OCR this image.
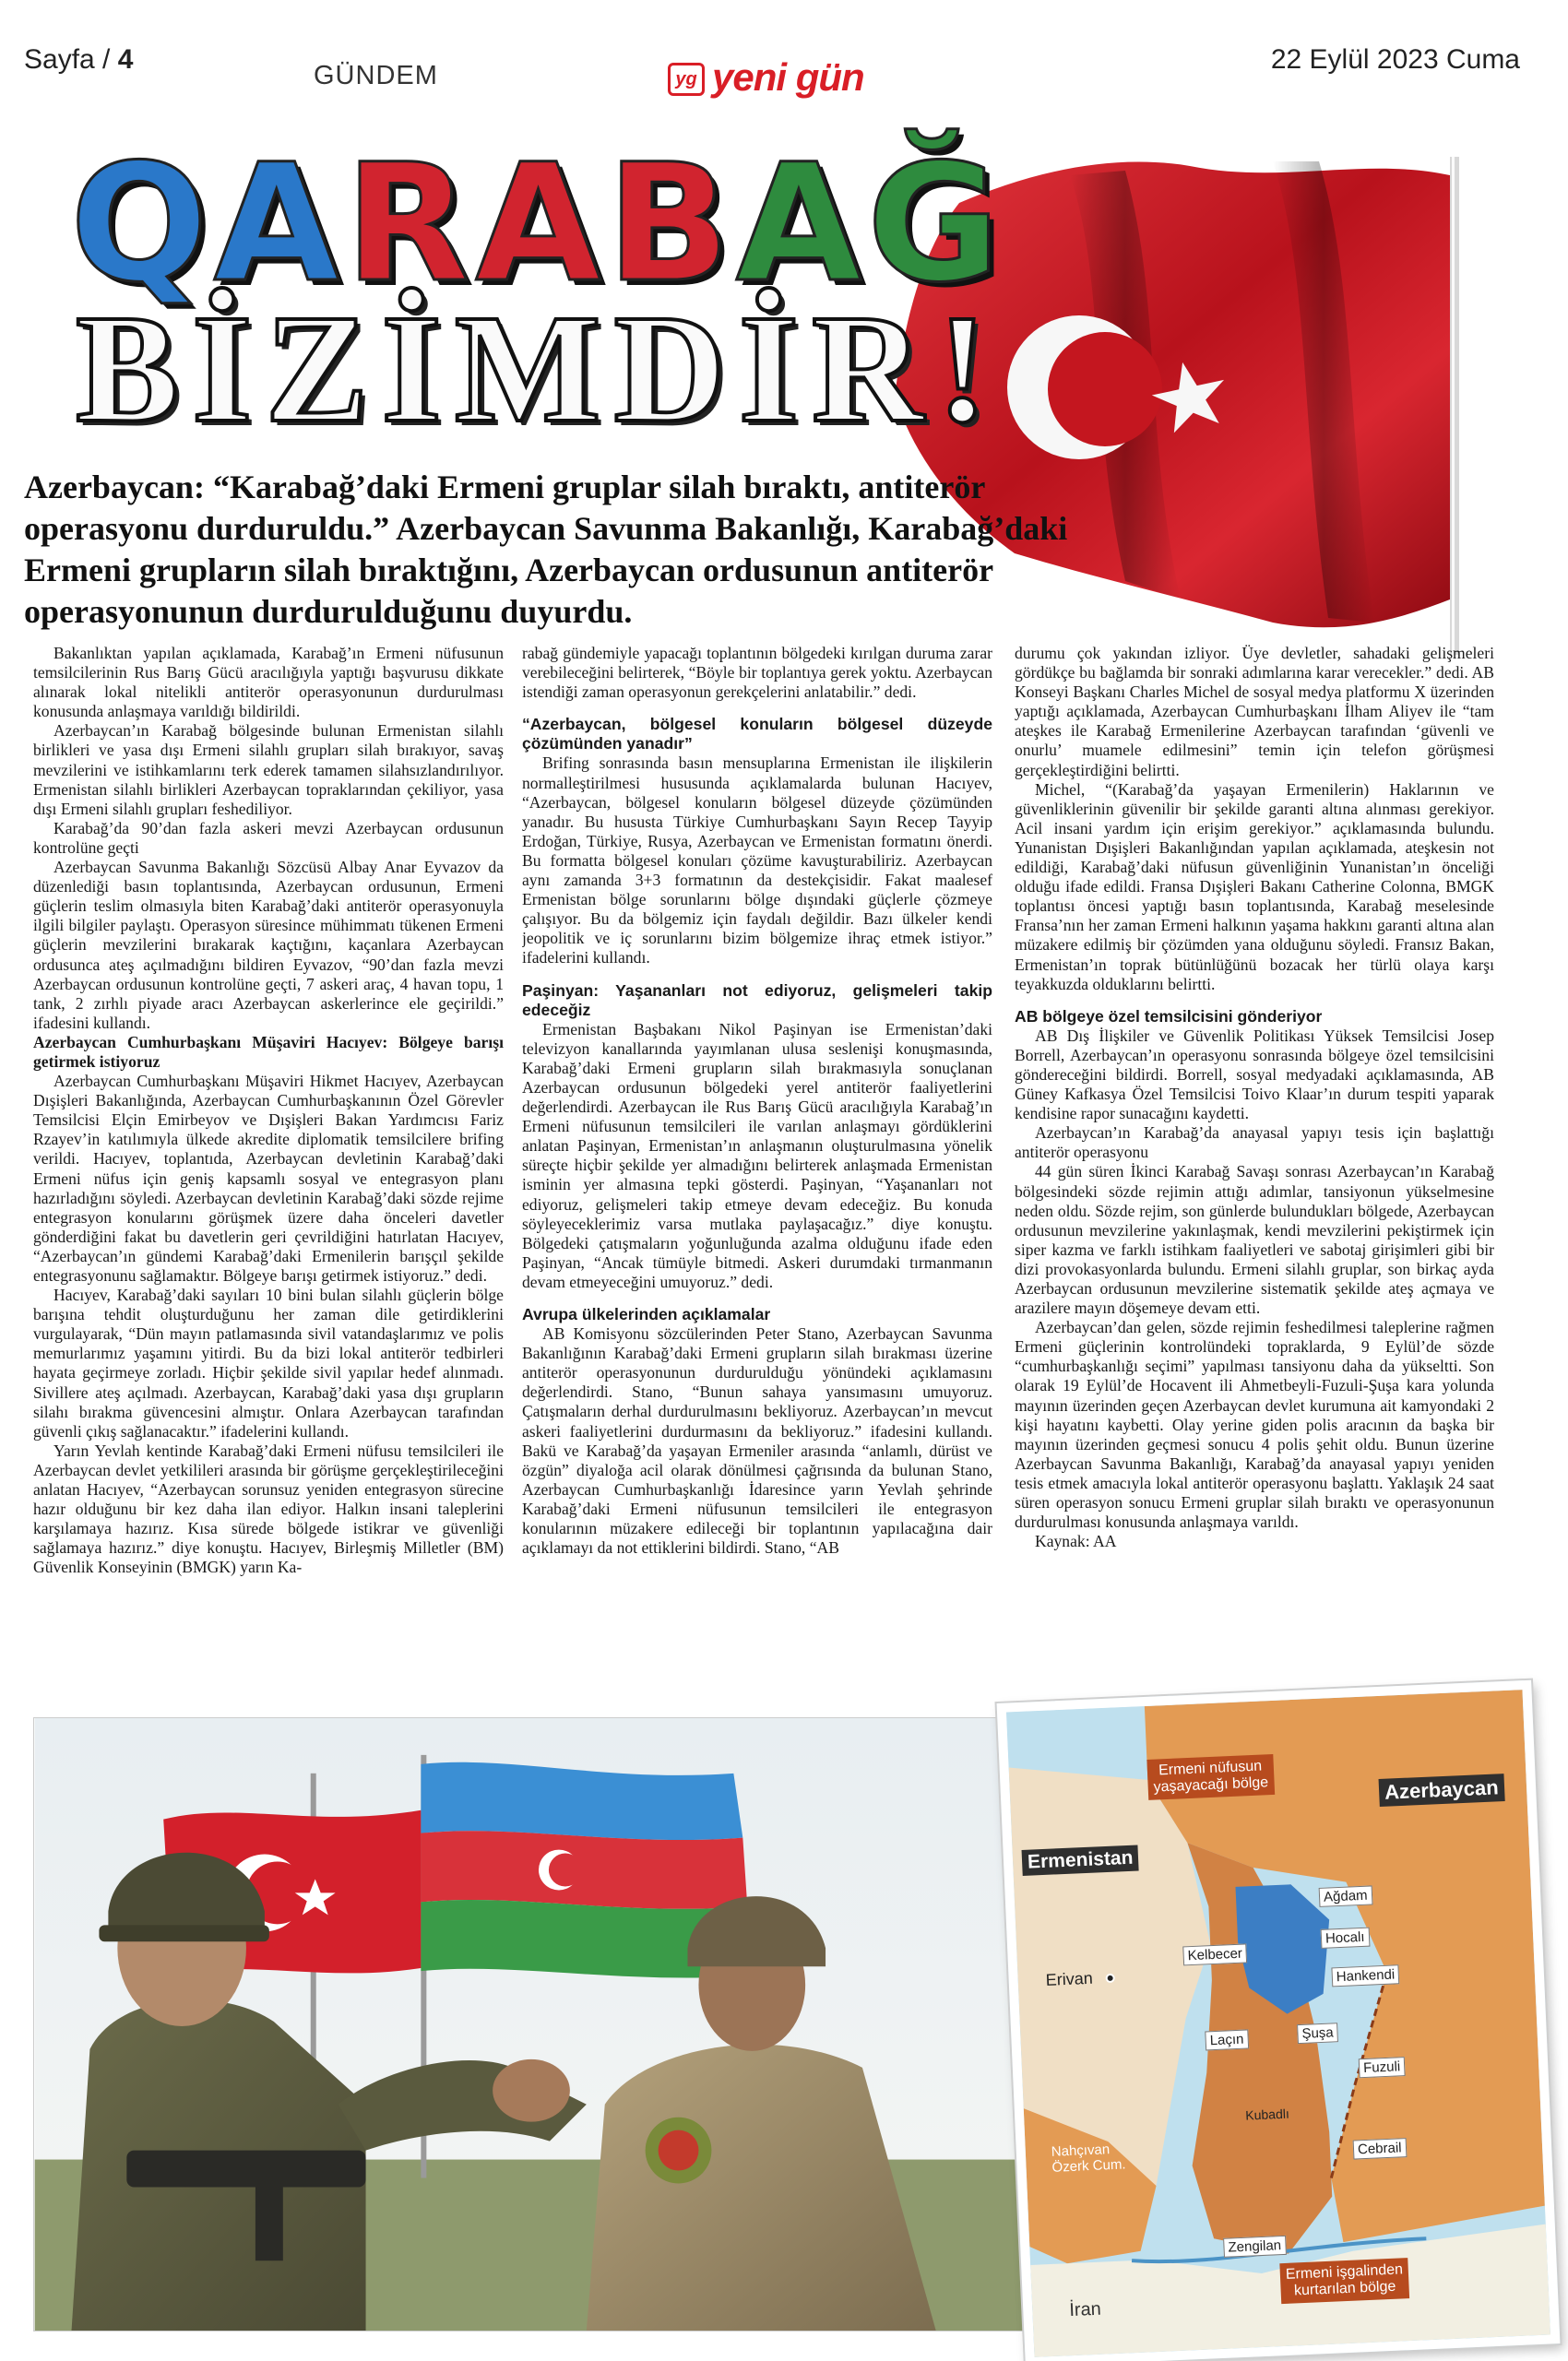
Sayfa / 4
GÜNDEM	yg yeni gün	22 Eylül 2023 Cuma
QARABAĞ
BİZİMDİR!
Azerbaycan: “Karabağ’daki Ermeni gruplar silah bıraktı, antiterör operasyonu durduruldu.” Azerbaycan Savunma Bakanlığı, Karabağ’daki Ermeni grupların silah bıraktığını, Azerbaycan ordusunun antiterör operasyonunun durdurulduğunu duyurdu.

Bakanlıktan yapılan açıklamada, Karabağ’ın Ermeni nüfusunun temsilcilerinin Rus Barış Gücü aracılığıyla yaptığı başvurusu dikkate alınarak lokal nitelikli antiterör operasyonunun durdurulması konusunda anlaşmaya varıldığı bildirildi.

Azerbaycan’ın Karabağ bölgesinde bulunan Ermenistan silahlı birlikleri ve yasa dışı Ermeni silahlı grupları silah bırakıyor, savaş mevzilerini ve istihkamlarını terk ederek tamamen silahsızlandırılıyor. Ermenistan silahlı birlikleri Azerbaycan topraklarından çekiliyor, yasa dışı Ermeni silahlı grupları feshediliyor.

Karabağ’da 90’dan fazla askeri mevzi Azerbaycan ordusunun kontrolüne geçti

Azerbaycan Savunma Bakanlığı Sözcüsü Albay Anar Eyvazov da düzenlediği basın toplantısında, Azerbaycan ordusunun, Ermeni güçlerin teslim olmasıyla biten Karabağ’daki antiterör operasyonuyla ilgili bilgiler paylaştı. Operasyon süresince mühimmatı tükenen Ermeni güçlerin mevzilerini bırakarak kaçtığını, kaçanlara Azerbaycan ordusunca ateş açılmadığını bildiren Eyvazov, “90’dan fazla mevzi Azerbaycan ordusunun kontrolüne geçti, 7 askeri araç, 4 havan topu, 1 tank, 2 zırhlı piyade aracı Azerbaycan askerlerince ele geçirildi.” ifadesini kullandı.

Azerbaycan Cumhurbaşkanı Müşaviri Hacıyev: Bölgeye barışı getirmek istiyoruz

Azerbaycan Cumhurbaşkanı Müşaviri Hikmet Hacıyev, Azerbaycan Dışişleri Bakanlığında, Azerbaycan Cumhurbaşkanının Özel Görevler Temsilcisi Elçin Emirbeyov ve Dışişleri Bakan Yardımcısı Fariz Rzayev’in katılımıyla ülkede akredite diplomatik temsilcilere brifing verildi. Hacıyev, toplantıda, Azerbaycan devletinin Karabağ’daki Ermeni nüfus için geniş kapsamlı sosyal ve entegrasyon planı hazırladığını söyledi. Azerbaycan devletinin Karabağ’daki sözde rejime entegrasyon konularını görüşmek üzere daha önceleri davetler gönderdiğini fakat bu davetlerin geri çevrildiğini hatırlatan Hacıyev, “Azerbaycan’ın gündemi Karabağ’daki Ermenilerin barışçıl şekilde entegrasyonunu sağlamaktır. Bölgeye barışı getirmek istiyoruz.” dedi.

Hacıyev, Karabağ’daki sayıları 10 bini bulan silahlı güçlerin bölge barışına tehdit oluşturduğunu her zaman dile getirdiklerini vurgulayarak, “Dün mayın patlamasında sivil vatandaşlarımız ve polis memurlarımız yaşamını yitirdi. Bu da bizi lokal antiterör tedbirleri hayata geçirmeye zorladı. Hiçbir şekilde sivil yapılar hedef alınmadı. Sivillere ateş açılmadı. Azerbaycan, Karabağ’daki yasa dışı grupların silahı bırakma güvencesini almıştır. Onlara Azerbaycan tarafından güvenli çıkış sağlanacaktır.” ifadelerini kullandı.

Yarın Yevlah kentinde Karabağ’daki Ermeni nüfusu temsilcileri ile Azerbaycan devlet yetkilileri arasında bir görüşme gerçekleştirileceğini anlatan Hacıyev, “Azerbaycan sorunsuz yeniden entegrasyon sürecine hazır olduğunu bir kez daha ilan ediyor. Halkın insani taleplerini karşılamaya hazırız. Kısa sürede bölgede istikrar ve güvenliği sağlamaya hazırız.” diye konuştu. Hacıyev, Birleşmiş Milletler (BM) Güvenlik Konseyinin (BMGK) yarın Ka-

rabağ gündemiyle yapacağı toplantının bölgedeki kırılgan duruma zarar verebileceğini belirterek, “Böyle bir toplantıya gerek yoktu. Azerbaycan istendiği zaman operasyonun gerekçelerini anlatabilir.” dedi.

“Azerbaycan, bölgesel konuların bölgesel düzeyde çözümünden yanadır”

Brifing sonrasında basın mensuplarına Ermenistan ile ilişkilerin normalleştirilmesi hususunda açıklamalarda bulunan Hacıyev, “Azerbaycan, bölgesel konuların bölgesel düzeyde çözümünden yanadır. Bu hususta Türkiye Cumhurbaşkanı Sayın Recep Tayyip Erdoğan, Türkiye, Rusya, Azerbaycan ve Ermenistan formatını önerdi. Bu formatta bölgesel konuları çözüme kavuşturabiliriz. Azerbaycan aynı zamanda 3+3 formatının da destekçisidir. Fakat maalesef Ermenistan bölge sorunlarını bölge dışındaki güçlerle çözmeye çalışıyor. Bu da bölgemiz için faydalı değildir. Bazı ülkeler kendi jeopolitik ve iç sorunlarını bizim bölgemize ihraç etmek istiyor.” ifadelerini kullandı.

Paşinyan: Yaşananları not ediyoruz, gelişmeleri takip edeceğiz

Ermenistan Başbakanı Nikol Paşinyan ise Ermenistan’daki televizyon kanallarında yayımlanan ulusa seslenişi konuşmasında, Karabağ’daki Ermeni grupların silah bırakmasıyla sonuçlanan Azerbaycan ordusunun bölgedeki yerel antiterör faaliyetlerini değerlendirdi. Azerbaycan ile Rus Barış Gücü aracılığıyla Karabağ’ın Ermeni nüfusunun temsilcileri ile varılan anlaşmayı gördüklerini anlatan Paşinyan, Ermenistan’ın anlaşmanın oluşturulmasına yönelik süreçte hiçbir şekilde yer almadığını belirterek anlaşmada Ermenistan isminin yer almasına tepki gösterdi. Paşinyan, “Yaşananları not ediyoruz, gelişmeleri takip etmeye devam edeceğiz. Bu konuda söyleyeceklerimiz varsa mutlaka paylaşacağız.” diye konuştu. Bölgedeki çatışmaların yoğunluğunda azalma olduğunu ifade eden Paşinyan, “Ancak tümüyle bitmedi. Askeri durumdaki tırmanmanın devam etmeyeceğini umuyoruz.” dedi.

Avrupa ülkelerinden açıklamalar

AB Komisyonu sözcülerinden Peter Stano, Azerbaycan Savunma Bakanlığının Karabağ’daki Ermeni grupların silah bırakması üzerine antiterör operasyonunun durdurulduğu yönündeki açıklamasını değerlendirdi. Stano, “Bunun sahaya yansımasını umuyoruz. Çatışmaların derhal durdurulmasını bekliyoruz. Azerbaycan’ın mevcut askeri faaliyetlerini durdurmasını da bekliyoruz.” ifadesini kullandı. Bakü ve Karabağ’da yaşayan Ermeniler arasında “anlamlı, dürüst ve özgün” diyaloğa acil olarak dönülmesi çağrısında da bulunan Stano, Azerbaycan Cumhurbaşkanlığı İdaresince yarın Yevlah şehrinde Karabağ’daki Ermeni nüfusunun temsilcileri ile entegrasyon konularının müzakere edileceği bir toplantının yapılacağına dair açıklamayı da not ettiklerini bildirdi. Stano, “AB

durumu çok yakından izliyor. Üye devletler, sahadaki gelişmeleri gördükçe bu bağlamda bir sonraki adımlarına karar verecekler.” dedi. AB Konseyi Başkanı Charles Michel de sosyal medya platformu X üzerinden yaptığı açıklamada, Azerbaycan Cumhurbaşkanı İlham Aliyev ile “tam ateşkes ile Karabağ Ermenilerine Azerbaycan tarafından ‘güvenli ve onurlu’ muamele edilmesini” temin için telefon görüşmesi gerçekleştirdiğini belirtti.

Michel, “(Karabağ’da yaşayan Ermenilerin) Haklarının ve güvenliklerinin güvenilir bir şekilde garanti altına alınması gerekiyor. Acil insani yardım için erişim gerekiyor.” açıklamasında bulundu. Yunanistan Dışişleri Bakanlığından yapılan açıklamada, ateşkesin not edildiği, Karabağ’daki nüfusun güvenliğinin Yunanistan’ın önceliği olduğu ifade edildi. Fransa Dışişleri Bakanı Catherine Colonna, BMGK toplantısı öncesi yaptığı basın toplantısında, Karabağ meselesinde Fransa’nın her zaman Ermeni halkının yaşama hakkını garanti altına alan müzakere edilmiş bir çözümden yana olduğunu söyledi. Fransız Bakan, Ermenistan’ın toprak bütünlüğünü bozacak her türlü olaya karşı teyakkuzda olduklarını belirtti.

AB bölgeye özel temsilcisini gönderiyor

AB Dış İlişkiler ve Güvenlik Politikası Yüksek Temsilcisi Josep Borrell, Azerbaycan’ın operasyonu sonrasında bölgeye özel temsilcisini göndereceğini bildirdi. Borrell, sosyal medyadaki açıklamasında, AB Güney Kafkasya Özel Temsilcisi Toivo Klaar’ın durum tespiti yaparak kendisine rapor sunacağını kaydetti.

Azerbaycan’ın Karabağ’da anayasal yapıyı tesis için başlattığı antiterör operasyonu

44 gün süren İkinci Karabağ Savaşı sonrası Azerbaycan’ın Karabağ bölgesindeki sözde rejimin attığı adımlar, tansiyonun yükselmesine neden oldu. Sözde rejim, son günlerde bulundukları bölgede, Azerbaycan ordusunun mevzilerine yakınlaşmak, kendi mevzilerini pekiştirmek için siper kazma ve farklı istihkam faaliyetleri ve sabotaj girişimleri gibi bir dizi provokasyonlarda bulundu. Ermeni silahlı gruplar, son birkaç ayda Azerbaycan ordusunun mevzilerine sistematik şekilde ateş açmaya ve arazilere mayın döşemeye devam etti.

Azerbaycan’dan gelen, sözde rejimin feshedilmesi taleplerine rağmen Ermeni güçlerinin kontrolündeki topraklarda, 9 Eylül’de sözde “cumhurbaşkanlığı seçimi” yapılması tansiyonu daha da yükseltti. Son olarak 19 Eylül’de Hocavent ili Ahmetbeyli-Fuzuli-Şuşa kara yolunda mayının üzerinden geçen Azerbaycan devlet kurumuna ait kamyondaki 2 kişi hayatını kaybetti. Olay yerine giden polis aracının da başka bir mayının üzerinden geçmesi sonucu 4 polis şehit oldu. Bunun üzerine Azerbaycan Savunma Bakanlığı, Karabağ’da anayasal yapıyı yeniden tesis etmek amacıyla lokal antiterör operasyonu başlattı. Yaklaşık 24 saat süren operasyon sonucu Ermeni gruplar silah bıraktı ve operasyonunun durdurulması konusunda anlaşmaya varıldı.

Kaynak: AA

Ermenistan
Azerbaycan
İran
Nahçıvan
Özerk Cum.
Erivan
Kubadlı
Ermeni nüfusun
yaşayacağı bölge
Ermeni işgalinden
kurtarılan bölge
Ağdam
Hocalı
Hankendi
Kelbecer
Laçın	Şuşa
Fuzuli
Cebrail
Zengilan
